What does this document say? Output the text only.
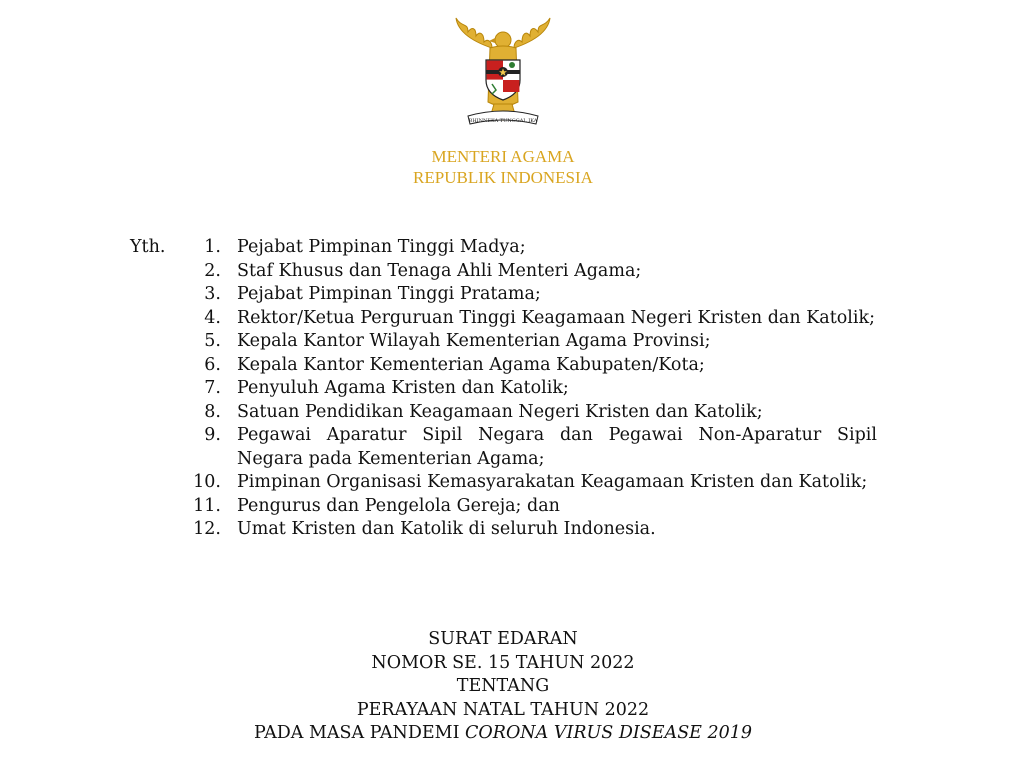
BHINNEKA TUNGGAL IKA
MENTERI AGAMA
REPUBLIK INDONESIA
Yth.	1. Pejabat Pimpinan Tinggi Madya;
2. Staf Khusus dan Tenaga Ahli Menteri Agama;
3. Pejabat Pimpinan Tinggi Pratama;
4. Rektor/Ketua Perguruan Tinggi Keagamaan Negeri Kristen dan Katolik;
5. Kepala Kantor Wilayah Kementerian Agama Provinsi;
6. Kepala Kantor Kementerian Agama Kabupaten/Kota;
7. Penyuluh Agama Kristen dan Katolik;
8. Satuan Pendidikan Keagamaan Negeri Kristen dan Katolik;
9. Pegawai Aparatur Sipil Negara dan Pegawai Non-Aparatur Sipil Negara pada Kementerian Agama;
10. Pimpinan Organisasi Kemasyarakatan Keagamaan Kristen dan Katolik;
11. Pengurus dan Pengelola Gereja; dan
12. Umat Kristen dan Katolik di seluruh Indonesia.
SURAT EDARAN
NOMOR SE. 15 TAHUN 2022
TENTANG
PERAYAAN NATAL TAHUN 2022
PADA MASA PANDEMI CORONA VIRUS DISEASE 2019
